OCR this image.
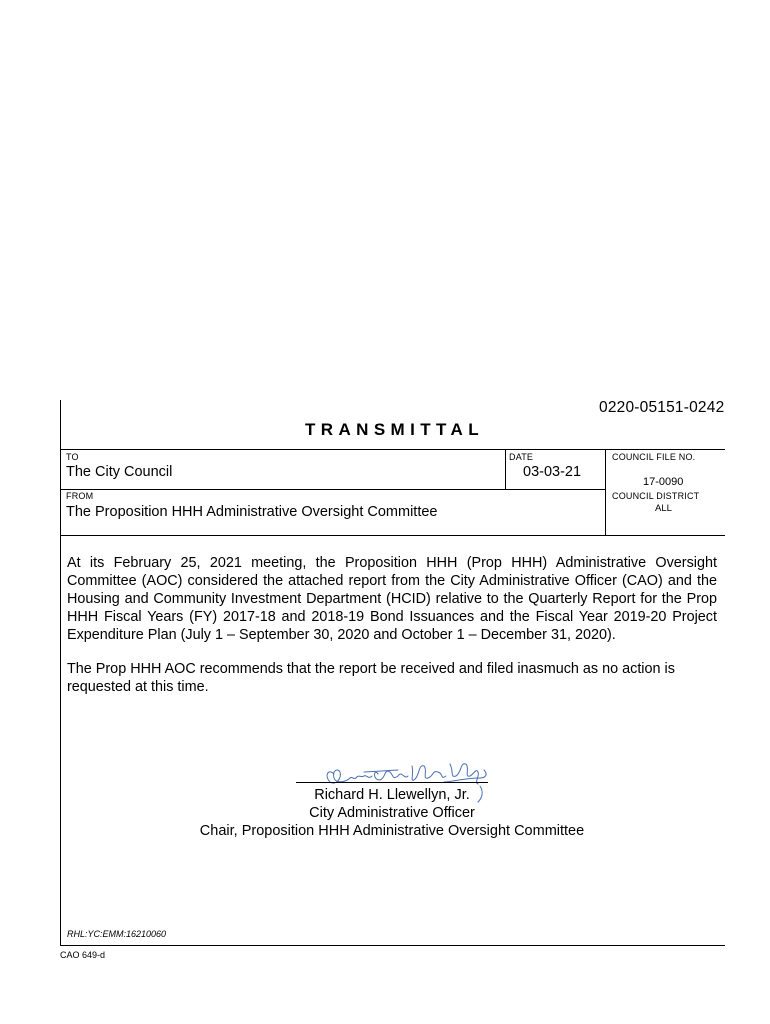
0220-05151-0242
TRANSMITTAL
TO
The City Council
DATE
03-03-21
COUNCIL FILE NO.
17-0090
FROM
The Proposition HHH Administrative Oversight Committee
COUNCIL DISTRICT
ALL

At its February 25, 2021 meeting, the Proposition HHH (Prop HHH) Administrative Oversight Committee (AOC) considered the attached report from the City Administrative Officer (CAO) and the Housing and Community Investment Department (HCID) relative to the Quarterly Report for the Prop HHH Fiscal Years (FY) 2017-18 and 2018-19 Bond Issuances and the Fiscal Year 2019-20 Project Expenditure Plan (July 1 – September 30, 2020 and October 1 – December 31, 2020).

The Prop HHH AOC recommends that the report be received and filed inasmuch as no action is requested at this time.

Richard H. Llewellyn, Jr.
City Administrative Officer
Chair, Proposition HHH Administrative Oversight Committee
RHL:YC:EMM:16210060
CAO 649-d
